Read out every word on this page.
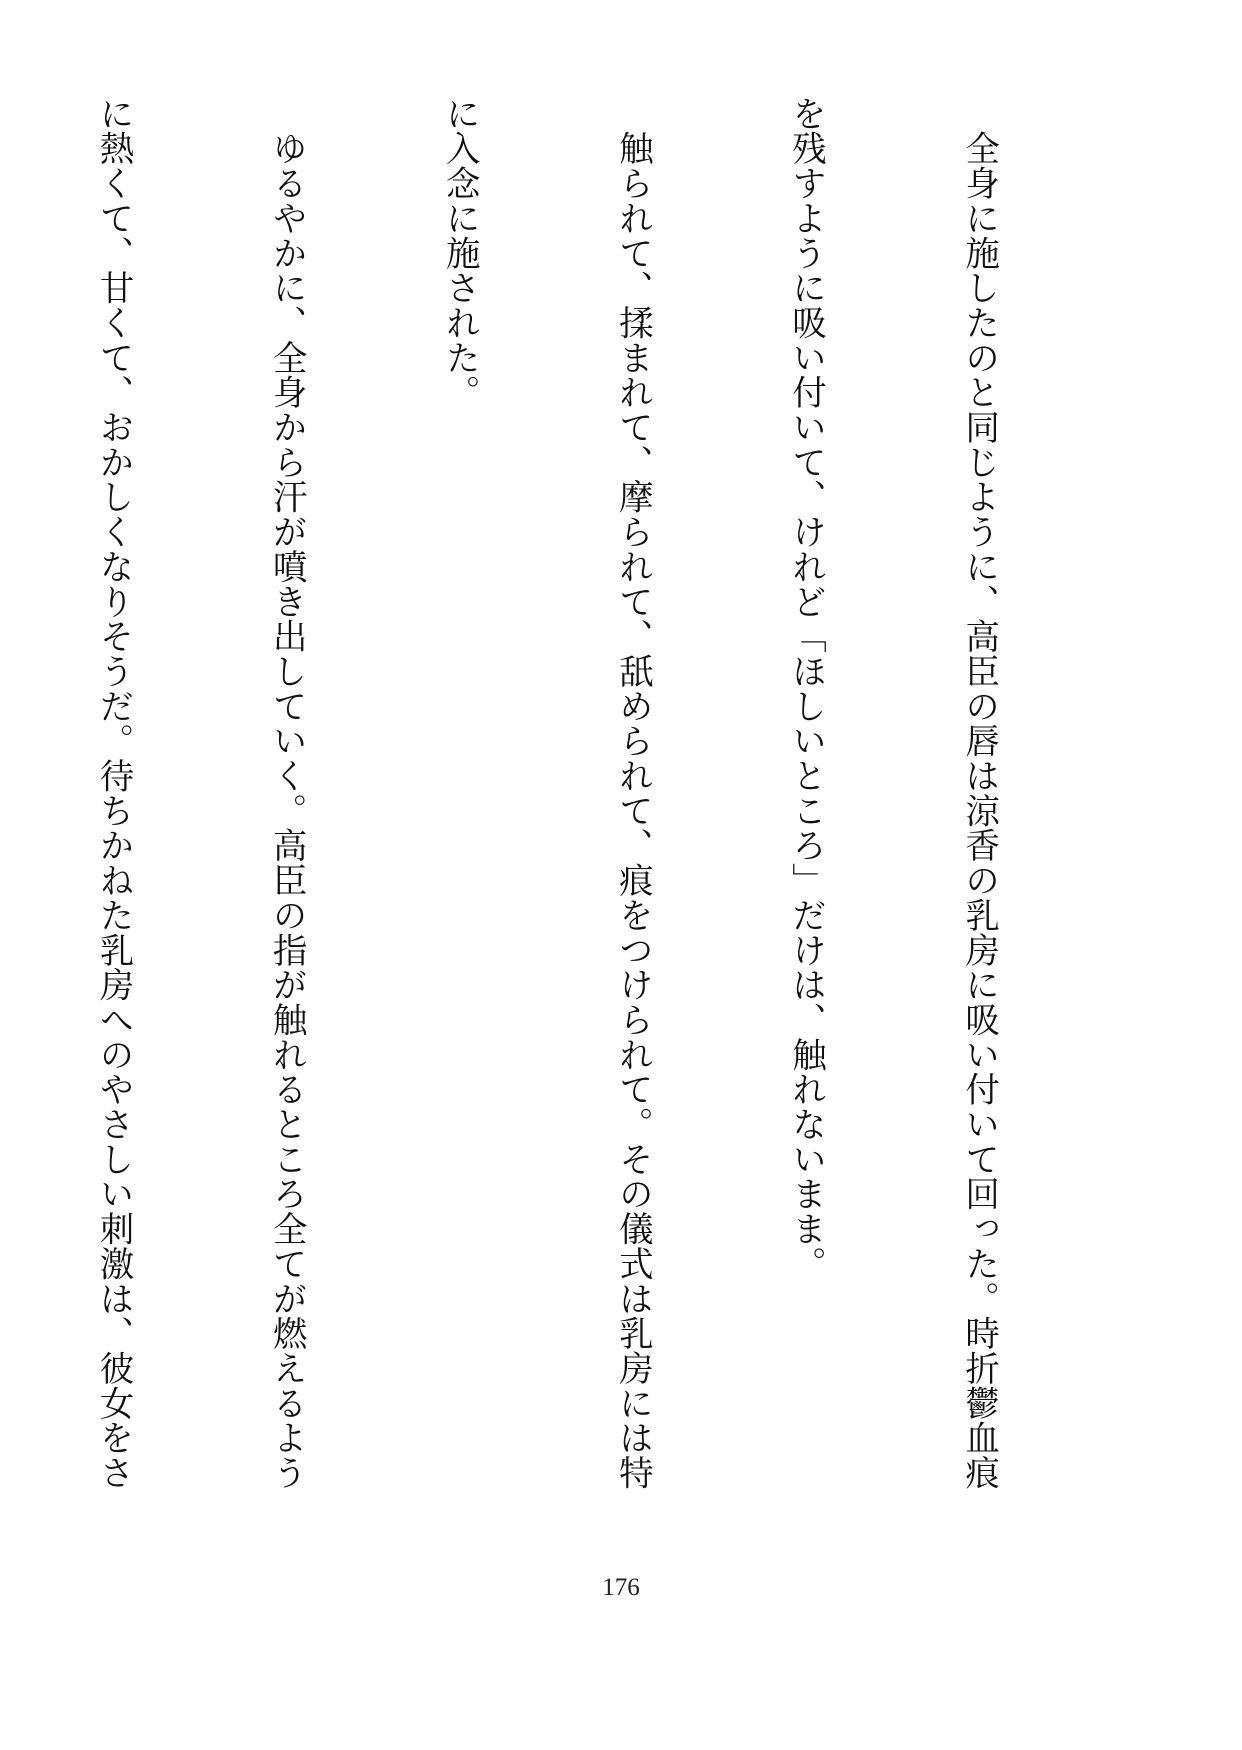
　全身に施したのと同じように、高臣の唇は涼香の乳房に吸い付いて回った。時折鬱血痕

を残すように吸い付いて、けれど「ほしいところ」だけは、触れないまま。

　触られて、揉まれて、摩られて、舐められて、痕をつけられて。その儀式は乳房には特

に入念に施された。

　ゆるやかに、全身から汗が噴き出していく。高臣の指が触れるところ全てが燃えるよう

に熱くて、甘くて、おかしくなりそうだ。待ちかねた乳房へのやさしい刺激は、彼女をさ

176
